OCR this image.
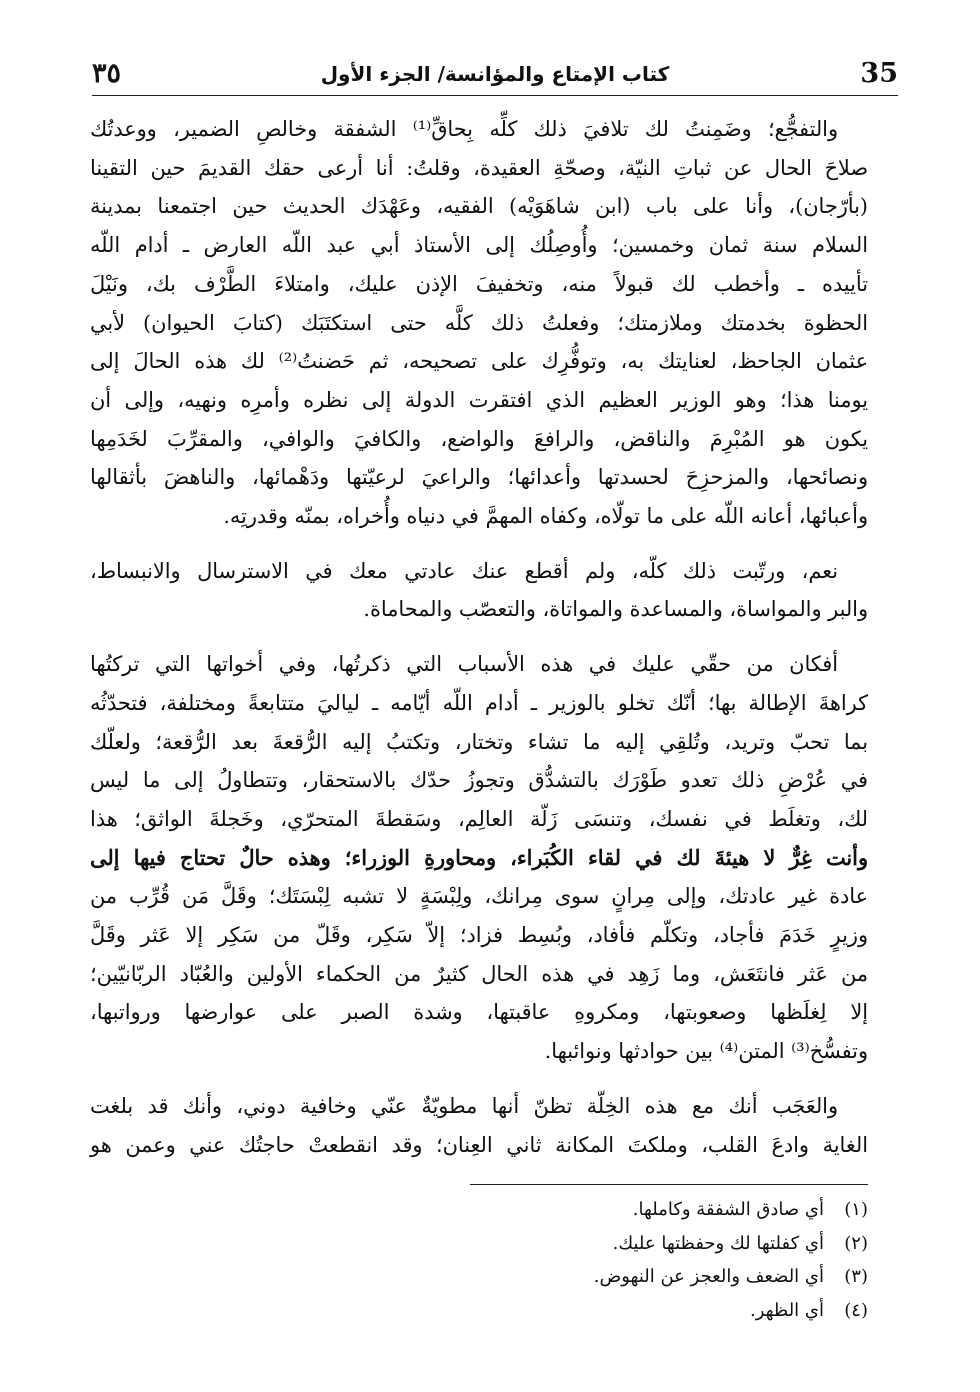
35
كتاب الإمتاع والمؤانسة/ الجزء الأول
٣٥

والتفجُّع؛ وضَمِنتُ لك تلافيَ ذلك كلِّه بِحاقِّ⁽¹⁾ الشفقة وخالصِ الضمير، ووعدتُك
صلاحَ الحال عن ثباتِ النيّة، وصحّةِ العقيدة، وقلتُ: أنا أرعى حقك القديمَ حين التقينا
(بأرّجان)، وأنا على باب (ابن شاهَوَيْه) الفقيه، وعَهْدَك الحديث حين اجتمعنا بمدينة
السلام سنة ثمان وخمسين؛ وأُوصِلُك إلى الأستاذ أبي عبد اللّه العارض ـ أدام اللّه
تأييده ـ وأخطب لك قبولاً منه، وتخفيفَ الإذن عليك، وامتلاءَ الطَّرْف بك، ونَيْلَ
الحظوة بخدمتك وملازمتك؛ وفعلتُ ذلك كلَّه حتى استكتَبَك (كتابَ الحيوان) لأبي
عثمان الجاحظ، لعنايتك به، وتوفُّرِك على تصحيحه، ثم حَضنتُ⁽²⁾ لك هذه الحالَ إلى
يومنا هذا؛ وهو الوزير العظيم الذي افتقرت الدولة إلى نظره وأمرِه ونهيه، وإلى أن
يكون هو المُبْرِمَ والناقض، والرافعَ والواضع، والكافيَ والوافي، والمقرِّبَ لخَدَمِها
ونصائحها، والمزحزِحَ لحسدتها وأعدائها؛ والراعيَ لرعيّتها ودَهْمائها، والناهضَ بأثقالها
وأعبائها، أعانه اللّه على ما تولّاه، وكفاه المهمَّ في دنياه وأُخراه، بمنّه وقدرتِه.

نعم، ورتّبت ذلك كلّه، ولم أقطع عنك عادتي معك في الاسترسال والانبساط،
والبر والمواساة، والمساعدة والمواتاة، والتعصّب والمحاماة.

أفكان من حقّي عليك في هذه الأسباب التي ذكرتُها، وفي أخواتها التي تركتُها
كراهةَ الإطالة بها؛ أنّك تخلو بالوزير ـ أدام اللّه أيّامه ـ لياليَ متتابعةً ومختلفة، فتحدّثُه
بما تحبّ وتريد، وتُلقِي إليه ما تشاء وتختار، وتكتبُ إليه الرُّقعةَ بعد الرُّقعة؛ ولعلّك
في عُرْضِ ذلك تعدو طَوْرَك بالتشدُّق وتجوزُ حدّك بالاستحقار، وتتطاولُ إلى ما ليس
لك، وتغلَط في نفسك، وتنسَى زَلّة العالِم، وسَقطةَ المتحرّي، وخَجلةَ الواثق؛ هذا
وأنت غِرٌّ لا هيئةَ لك في لقاء الكُبَراء، ومحاورةِ الوزراء؛ وهذه حالٌ تحتاج فيها إلى
عادة غير عادتك، وإلى مِرانٍ سوى مِرانك، ولِبْسَةٍ لا تشبه لِبْسَتَك؛ وقَلَّ مَن قُرِّب من
وزيرٍ خَدَمَ فأجاد، وتكلّم فأفاد، وبُسِط فزاد؛ إلاّ سَكِر، وقَلّ من سَكِر إلا عَثر وقَلَّ
من عَثر فانتَعَش، وما زَهِد في هذه الحال كثيرٌ من الحكماء الأولين والعُبّاد الربّانيّين؛
إلا لِغلَظها وصعوبتها، ومكروهِ عاقبتها، وشدة الصبر على عوارضها ورواتبها،
وتفسُّخ⁽³⁾ المتن⁽⁴⁾ بين حوادثها ونوائبها.

والعَجَب أنك مع هذه الخِلّة تظنّ أنها مطويّةٌ عنّي وخافية دوني، وأنك قد بلغت
الغاية وادعَ القلب، وملكتَ المكانة ثاني العِنان؛ وقد انقطعتْ حاجتُك عني وعمن هو

(١)
أي صادق الشفقة وكاملها.
(٢)
أي كفلتها لك وحفظتها عليك.
(٣)
أي الضعف والعجز عن النهوض.
(٤)
أي الظهر.
